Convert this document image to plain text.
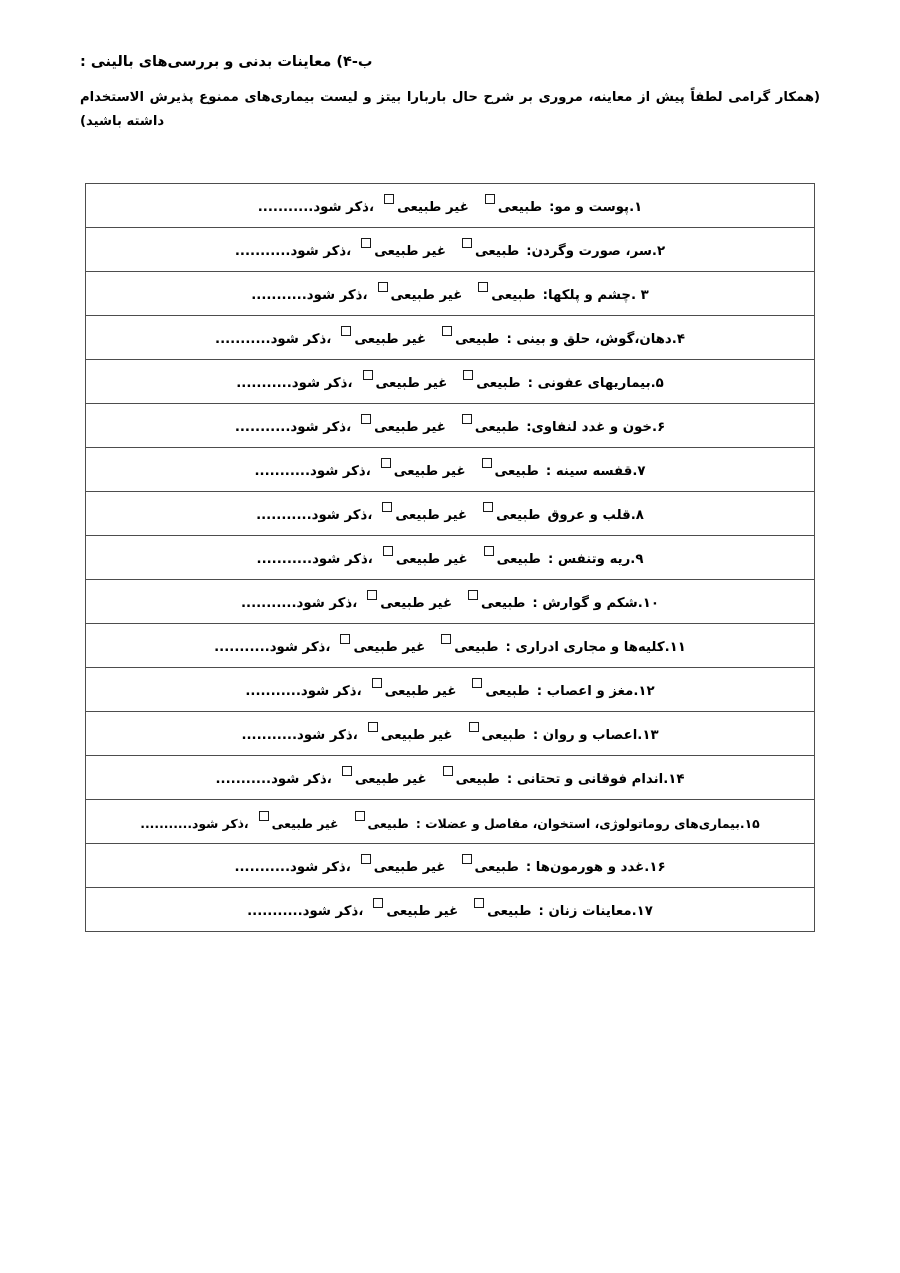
ب-۴) معاینات بدنی و بررسی‌های بالینی :

(همکار گرامی لطفاً پیش از معاینه، مروری بر شرح حال باربارا بیتز و لیست بیماری‌های ممنوع پذیرش الاستخدام
داشته باشید)

۱.پوست و مو:طبیعیغیر طبیعی،ذکر شود...........

۲.سر، صورت وگردن:طبیعیغیر طبیعی،ذکر شود...........

۳ .چشم و پلکها:طبیعیغیر طبیعی،ذکر شود...........

۴.دهان،گوش، حلق و بینی :طبیعیغیر طبیعی،ذکر شود...........

۵.بیماریهای عفونی :طبیعیغیر طبیعی،ذکر شود...........

۶.خون و غدد لنفاوی:طبیعیغیر طبیعی،ذکر شود...........

۷.قفسه سینه :طبیعیغیر طبیعی،ذکر شود...........

۸.قلب و عروقطبیعیغیر طبیعی،ذکر شود...........

۹.ریه وتنفس :طبیعیغیر طبیعی،ذکر شود...........

۱۰.شکم و گوارش :طبیعیغیر طبیعی،ذکر شود...........

۱۱.کلیه‌ها و مجاری ادراری :طبیعیغیر طبیعی،ذکر شود...........

۱۲.مغز و اعصاب :طبیعیغیر طبیعی،ذکر شود...........

۱۳.اعصاب و روان :طبیعیغیر طبیعی،ذکر شود...........

۱۴.اندام فوقانی و تحتانی :طبیعیغیر طبیعی،ذکر شود...........

۱۵.بیماری‌های روماتولوژی، استخوان، مفاصل و عضلات :طبیعیغیر طبیعی،ذکر شود...........

۱۶.غدد و هورمون‌ها :طبیعیغیر طبیعی،ذکر شود...........

۱۷.معاینات زنان :طبیعیغیر طبیعی،ذکر شود...........
